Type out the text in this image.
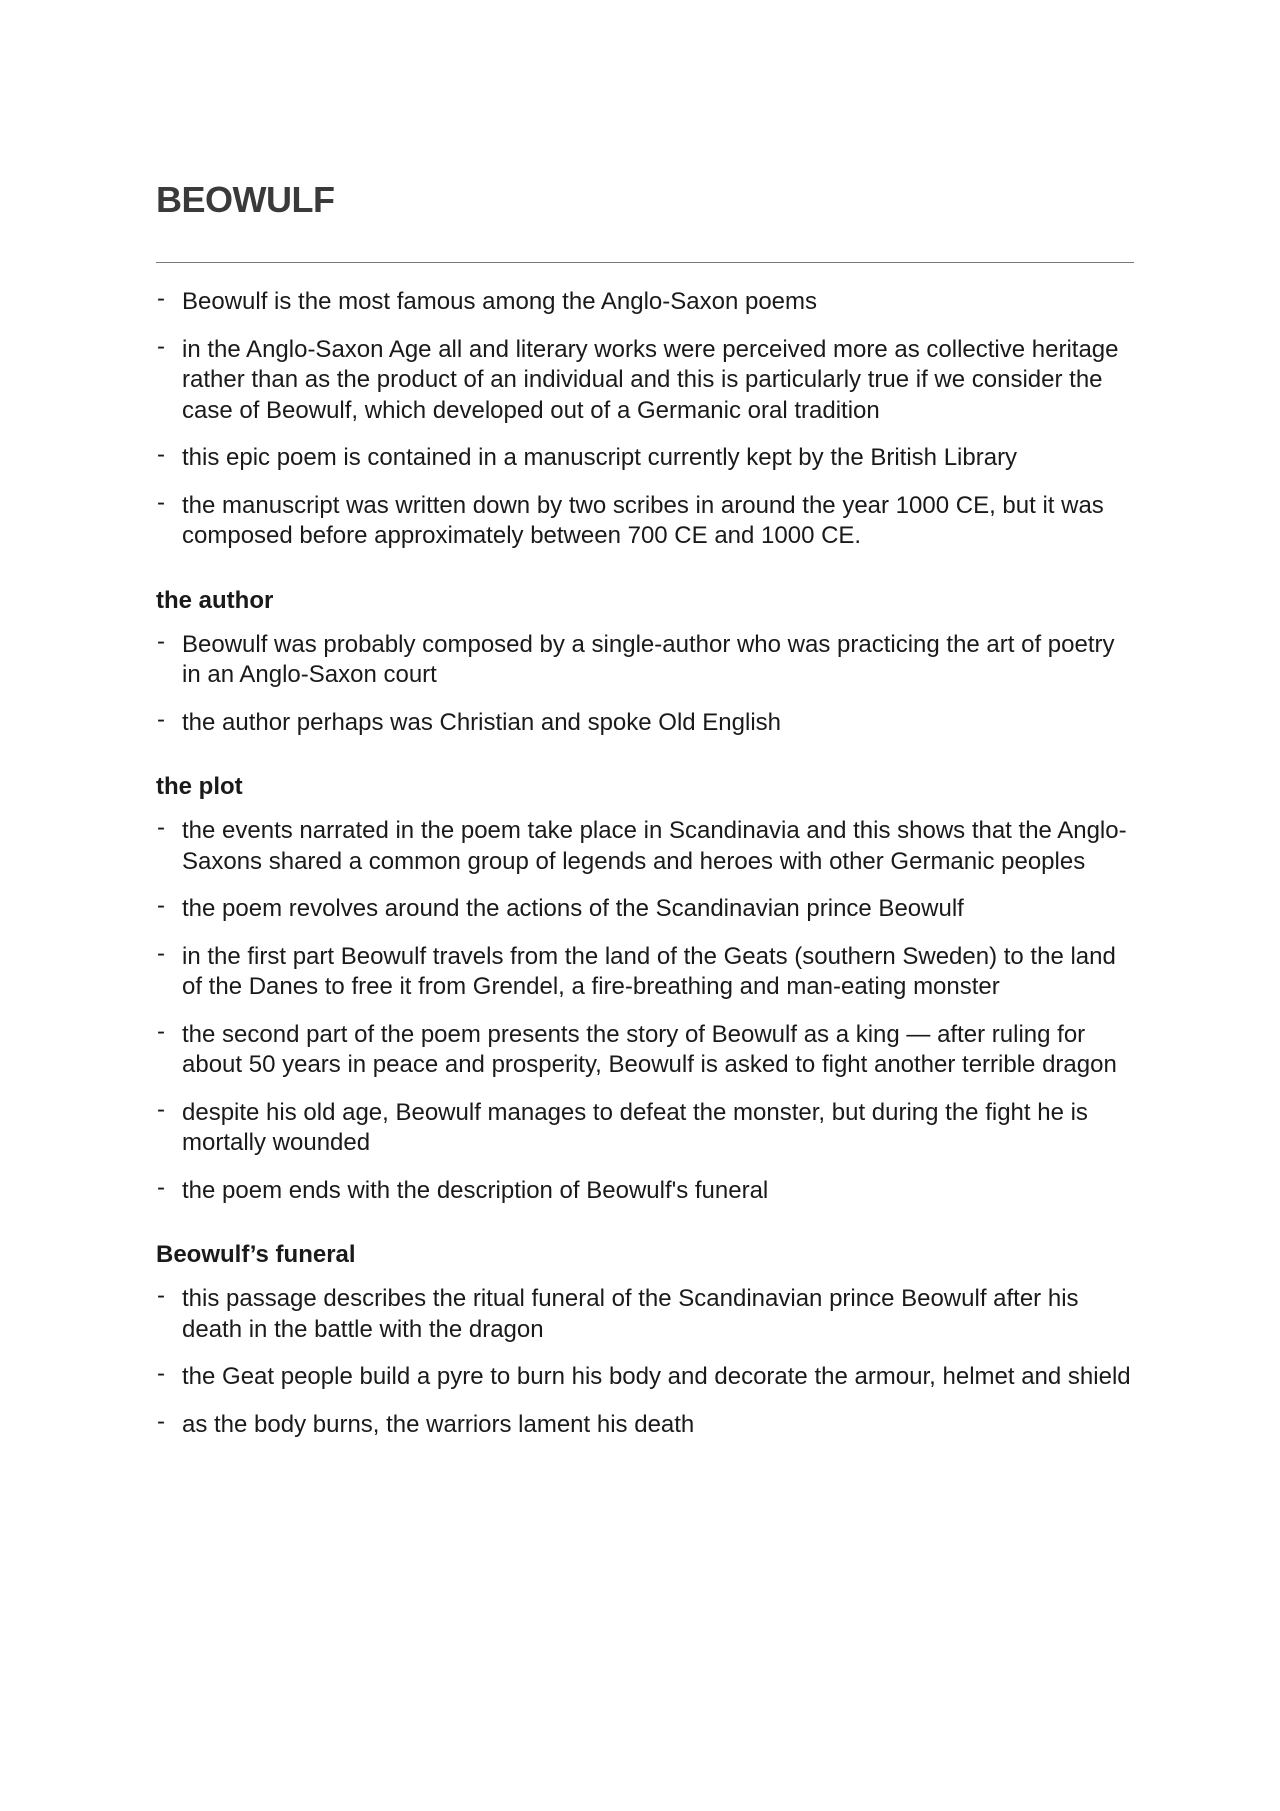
BEOWULF
- Beowulf is the most famous among the Anglo-Saxon poems
- in the Anglo-Saxon Age all and literary works were perceived more as collective heritage rather than as the product of an individual and this is particularly true if we consider the case of Beowulf, which developed out of a Germanic oral tradition
- this epic poem is contained in a manuscript currently kept by the British Library
- the manuscript was written down by two scribes in around the year 1000 CE, but it was composed before approximately between 700 CE and 1000 CE.
the author
- Beowulf was probably composed by a single-author who was practicing the art of poetry in an Anglo-Saxon court
- the author perhaps was Christian and spoke Old English
the plot
- the events narrated in the poem take place in Scandinavia and this shows that the Anglo-Saxons shared a common group of legends and heroes with other Germanic peoples
- the poem revolves around the actions of the Scandinavian prince Beowulf
- in the first part Beowulf travels from the land of the Geats (southern Sweden) to the land of the Danes to free it from Grendel, a fire-breathing and man-eating monster
- the second part of the poem presents the story of Beowulf as a king — after ruling for about 50 years in peace and prosperity, Beowulf is asked to fight another terrible dragon
- despite his old age, Beowulf manages to defeat the monster, but during the fight he is mortally wounded
- the poem ends with the description of Beowulf's funeral
Beowulf’s funeral
- this passage describes the ritual funeral of the Scandinavian prince Beowulf after his death in the battle with the dragon
- the Geat people build a pyre to burn his body and decorate the armour, helmet and shield
- as the body burns, the warriors lament his death
